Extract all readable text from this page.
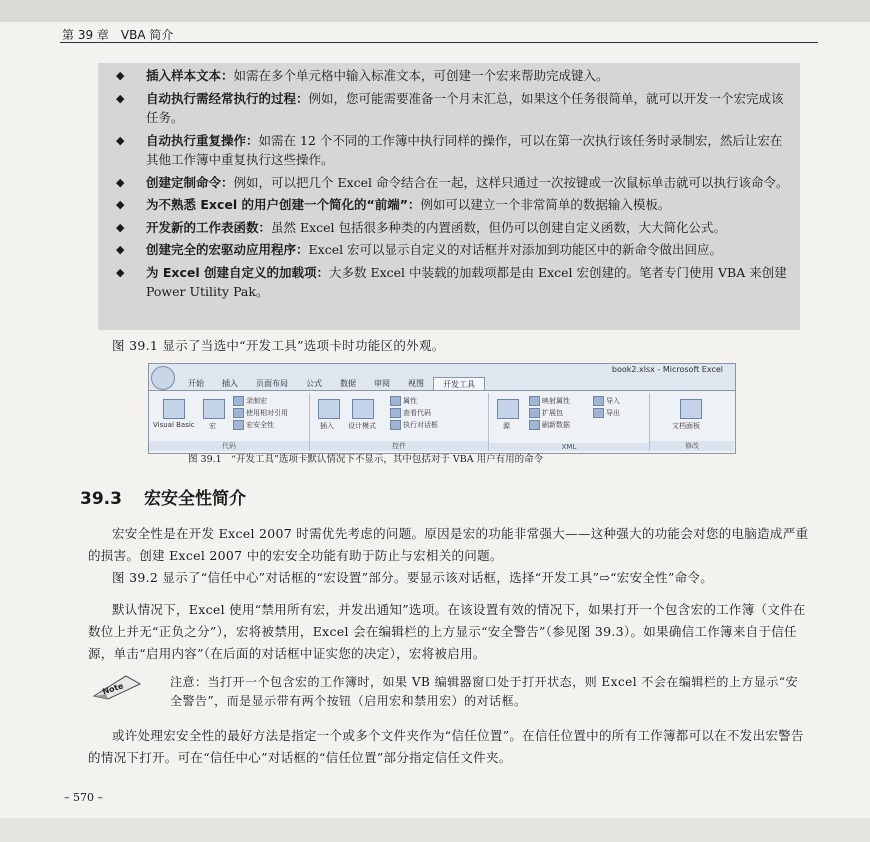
第 39 章　VBA 简介
◆ 插入样本文本：如需在多个单元格中输入标准文本，可创建一个宏来帮助完成键入。
◆ 自动执行需经常执行的过程：例如，您可能需要准备一个月末汇总，如果这个任务很简单，就可以开发一个宏完成该任务。
◆ 自动执行重复操作：如需在 12 个不同的工作簿中执行同样的操作，可以在第一次执行该任务时录制宏，然后让宏在其他工作簿中重复执行这些操作。
◆ 创建定制命令：例如，可以把几个 Excel 命令结合在一起，这样只通过一次按键或一次鼠标单击就可以执行该命令。
◆ 为不熟悉 Excel 的用户创建一个简化的“前端”：例如可以建立一个非常简单的数据输入模板。
◆ 开发新的工作表函数：虽然 Excel 包括很多种类的内置函数，但仍可以创建自定义函数，大大简化公式。
◆ 创建完全的宏驱动应用程序：Excel 宏可以显示自定义的对话框并对添加到功能区中的新命令做出回应。
◆ 为 Excel 创建自定义的加载项：大多数 Excel 中装载的加载项都是由 Excel 宏创建的。笔者专门使用 VBA 来创建 Power Utility Pak。
图 39.1 显示了当选中“开发工具”选项卡时功能区的外观。
book2.xlsx - Microsoft Excel
开始	插入	页面布局	公式	数据	审阅	视图	开发工具
Visual Basic 宏
录制宏
使用相对引用
宏安全性
代码
插入 设计模式
属性
查看代码
执行对话框
控件
源
映射属性
扩展包
刷新数据
导入
导出
XML
文档面板
修改
图 39.1　“开发工具”选项卡默认情况下不显示，其中包括对于 VBA 用户有用的命令
39.3 宏安全性简介
宏安全性是在开发 Excel 2007 时需优先考虑的问题。原因是宏的功能非常强大——这种强大的功能会对您的电脑造成严重的损害。创建 Excel 2007 中的宏安全功能有助于防止与宏相关的问题。
图 39.2 显示了“信任中心”对话框的“宏设置”部分。要显示该对话框，选择“开发工具”⇨“宏安全性”命令。
默认情况下，Excel 使用“禁用所有宏，并发出通知”选项。在该设置有效的情况下，如果打开一个包含宏的工作簿（文件在数位上并无“正负之分”），宏将被禁用，Excel 会在编辑栏的上方显示“安全警告”（参见图 39.3）。如果确信工作簿来自于信任源，单击“启用内容”（在后面的对话框中证实您的决定），宏将被启用。
Note	注意：当打开一个包含宏的工作簿时，如果 VB 编辑器窗口处于打开状态，则 Excel 不会在编辑栏的上方显示“安全警告”，而是显示带有两个按钮（启用宏和禁用宏）的对话框。
或许处理宏安全性的最好方法是指定一个或多个文件夹作为“信任位置”。在信任位置中的所有工作簿都可以在不发出宏警告的情况下打开。可在“信任中心”对话框的“信任位置”部分指定信任文件夹。
– 570 –
